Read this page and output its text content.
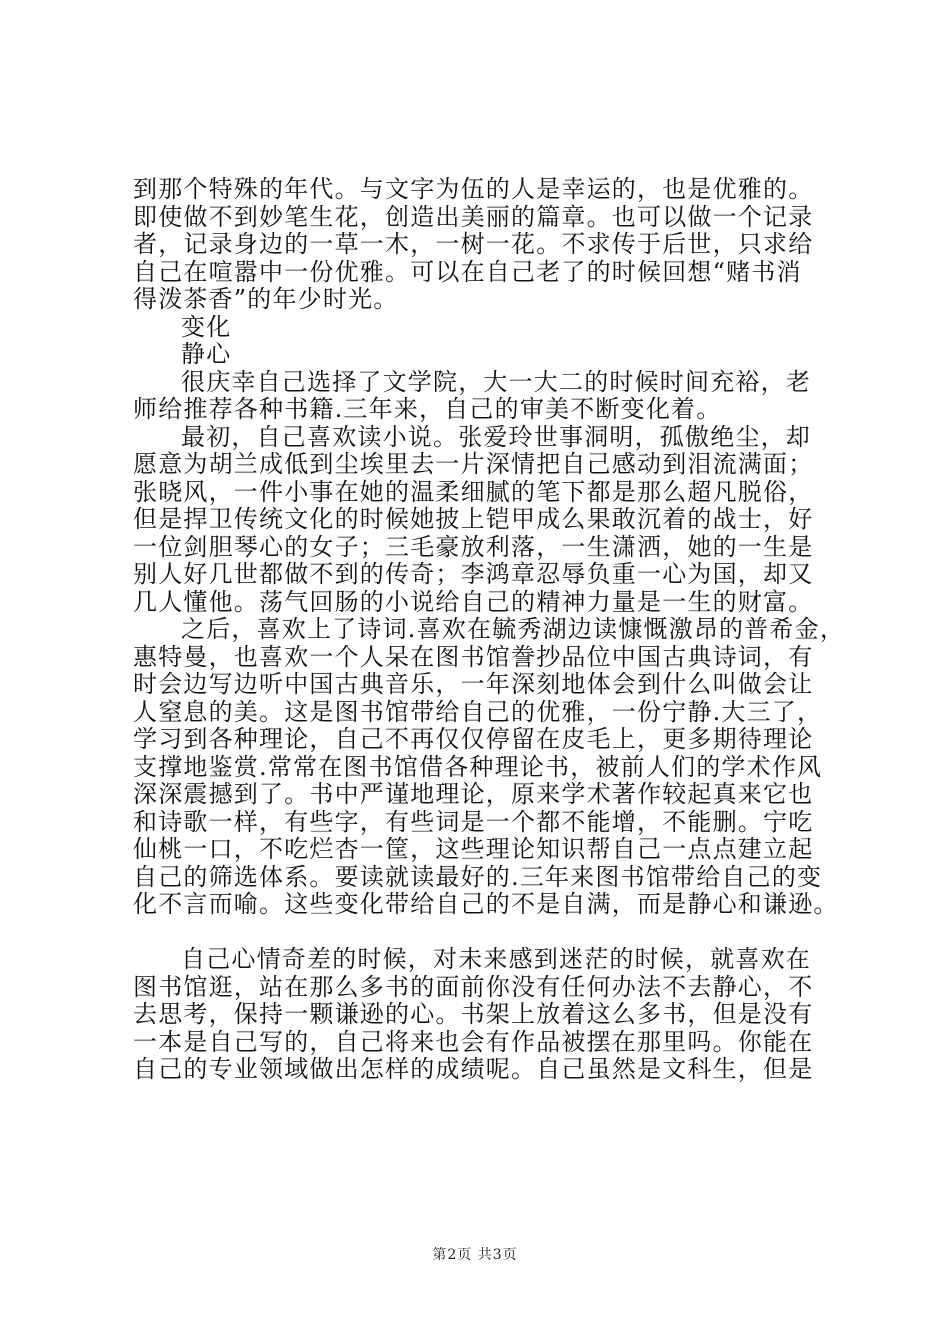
到那个特殊的年代。与文字为伍的人是幸运的，也是优雅的。
即使做不到妙笔生花，创造出美丽的篇章。也可以做一个记录
者，记录身边的一草一木，一树一花。不求传于后世，只求给
自己在喧嚣中一份优雅。可以在自己老了的时候回想“赌书消
得泼茶香”的年少时光。
变化
静心
很庆幸自己选择了文学院，大一大二的时候时间充裕，老
师给推荐各种书籍.三年来，自己的审美不断变化着。
最初，自己喜欢读小说。张爱玲世事洞明，孤傲绝尘，却
愿意为胡兰成低到尘埃里去一片深情把自己感动到泪流满面；
张晓风，一件小事在她的温柔细腻的笔下都是那么超凡脱俗，
但是捍卫传统文化的时候她披上铠甲成么果敢沉着的战士，好
一位剑胆琴心的女子；三毛豪放利落，一生潇洒，她的一生是
别人好几世都做不到的传奇；李鸿章忍辱负重一心为国，却又
几人懂他。荡气回肠的小说给自己的精神力量是一生的财富。
之后，喜欢上了诗词.喜欢在毓秀湖边读慷慨激昂的普希金，
惠特曼，也喜欢一个人呆在图书馆誊抄品位中国古典诗词，有
时会边写边听中国古典音乐，一年深刻地体会到什么叫做会让
人窒息的美。这是图书馆带给自己的优雅，一份宁静.大三了，
学习到各种理论，自己不再仅仅停留在皮毛上，更多期待理论
支撑地鉴赏.常常在图书馆借各种理论书，被前人们的学术作风
深深震撼到了。书中严谨地理论，原来学术著作较起真来它也
和诗歌一样，有些字，有些词是一个都不能增，不能删。宁吃
仙桃一口，不吃烂杏一筐，这些理论知识帮自己一点点建立起
自己的筛选体系。要读就读最好的.三年来图书馆带给自己的变
化不言而喻。这些变化带给自己的不是自满，而是静心和谦逊。
自己心情奇差的时候，对未来感到迷茫的时候，就喜欢在
图书馆逛，站在那么多书的面前你没有任何办法不去静心，不
去思考，保持一颗谦逊的心。书架上放着这么多书，但是没有
一本是自己写的，自己将来也会有作品被摆在那里吗。你能在
自己的专业领域做出怎样的成绩呢。自己虽然是文科生，但是
第2页 共3页
